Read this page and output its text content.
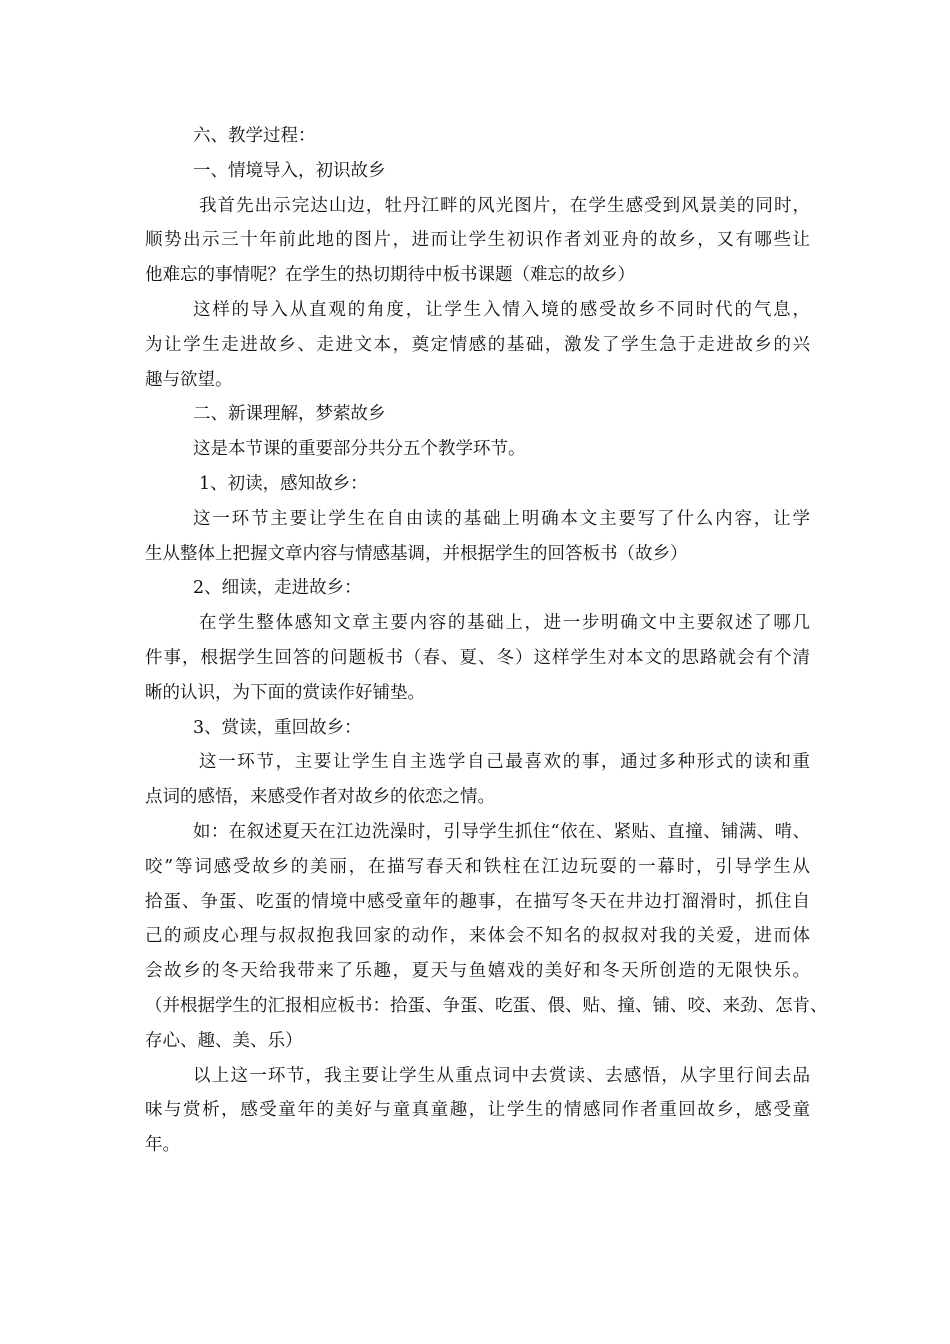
六、教学过程：
一、情境导入，初识故乡
我首先出示完达山边，牡丹江畔的风光图片，在学生感受到风景美的同时，
顺势出示三十年前此地的图片，进而让学生初识作者刘亚舟的故乡，又有哪些让
他难忘的事情呢？在学生的热切期待中板书课题（难忘的故乡）
这样的导入从直观的角度，让学生入情入境的感受故乡不同时代的气息，
为让学生走进故乡、走进文本，奠定情感的基础，激发了学生急于走进故乡的兴
趣与欲望。
二、新课理解，梦萦故乡
这是本节课的重要部分共分五个教学环节。
1、初读，感知故乡：
这一环节主要让学生在自由读的基础上明确本文主要写了什么内容，让学
生从整体上把握文章内容与情感基调，并根据学生的回答板书（故乡）
2、细读，走进故乡：
在学生整体感知文章主要内容的基础上，进一步明确文中主要叙述了哪几
件事，根据学生回答的问题板书（春、夏、冬）这样学生对本文的思路就会有个清
晰的认识，为下面的赏读作好铺垫。
3、赏读，重回故乡：
这一环节，主要让学生自主选学自己最喜欢的事，通过多种形式的读和重
点词的感悟，来感受作者对故乡的依恋之情。
如：在叙述夏天在江边洗澡时，引导学生抓住“依在、紧贴、直撞、铺满、啃、
咬”等词感受故乡的美丽，在描写春天和铁柱在江边玩耍的一幕时，引导学生从
拾蛋、争蛋、吃蛋的情境中感受童年的趣事，在描写冬天在井边打溜滑时，抓住自
己的顽皮心理与叔叔抱我回家的动作，来体会不知名的叔叔对我的关爱，进而体
会故乡的冬天给我带来了乐趣，夏天与鱼嬉戏的美好和冬天所创造的无限快乐。
（并根据学生的汇报相应板书：拾蛋、争蛋、吃蛋、偎、贴、撞、铺、咬、来劲、怎肯、
存心、趣、美、乐）
以上这一环节，我主要让学生从重点词中去赏读、去感悟，从字里行间去品
味与赏析，感受童年的美好与童真童趣，让学生的情感同作者重回故乡，感受童
年。
